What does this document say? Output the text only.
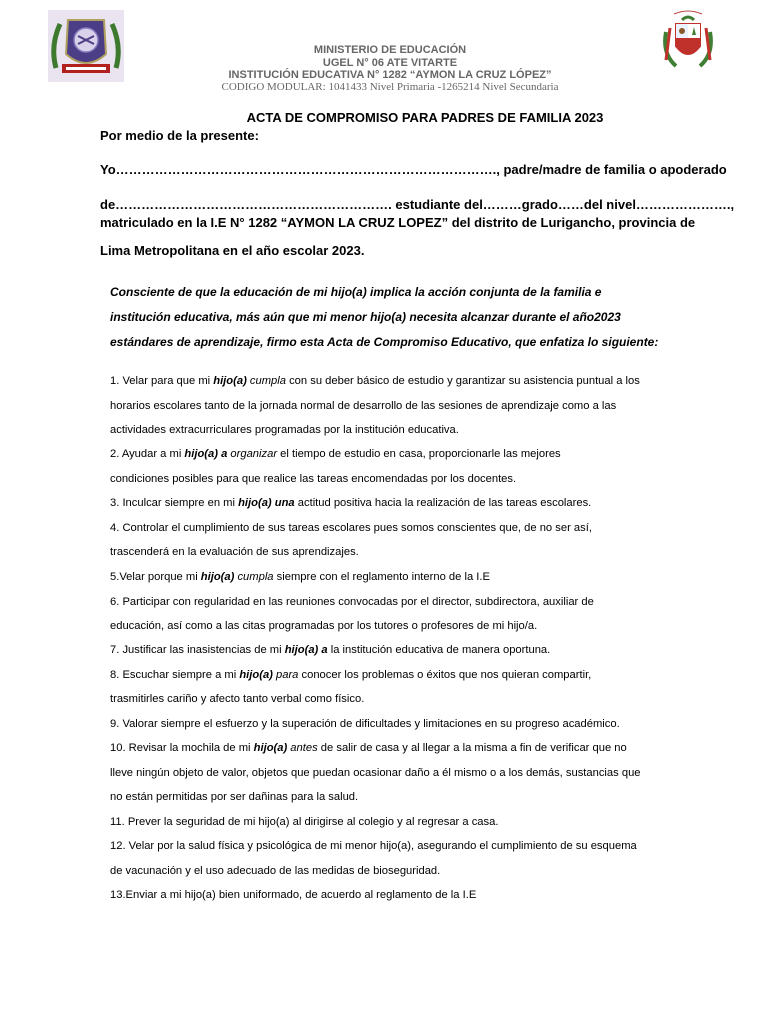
MINISTERIO DE EDUCACIÓN
UGEL N° 06 ATE VITARTE
INSTITUCIÓN EDUCATIVA N° 1282 “AYMON LA CRUZ LÓPEZ”
CODIGO MODULAR: 1041433 Nivel Primaria -1265214 Nivel Secundaria
ACTA DE COMPROMISO PARA PADRES DE FAMILIA 2023
Por medio de la presente:
Yo……………………………………………………………………………., padre/madre de familia o apoderado
de………………………………………………………. estudiante del………grado……del nivel………………….,
matriculado en la I.E N° 1282 “AYMON LA CRUZ LOPEZ” del distrito de Lurigancho, provincia de
Lima Metropolitana en el año escolar 2023.
Consciente de que la educación de mi hijo(a) implica la acción conjunta de la familia e
institución educativa, más aún que mi menor hijo(a) necesita alcanzar durante el año2023
estándares de aprendizaje, firmo esta Acta de Compromiso Educativo, que enfatiza lo siguiente:
1. Velar para que mi hijo(a) cumpla con su deber básico de estudio y garantizar su asistencia puntual a los
horarios escolares tanto de la jornada normal de desarrollo de las sesiones de aprendizaje como a las
actividades extracurriculares programadas por la institución educativa.
2. Ayudar a mi hijo(a) a organizar el tiempo de estudio en casa, proporcionarle las mejores
condiciones posibles para que realice las tareas encomendadas por los docentes.
3. Inculcar siempre en mi hijo(a) una actitud positiva hacia la realización de las tareas escolares.
4. Controlar el cumplimiento de sus tareas escolares pues somos conscientes que, de no ser así,
trascenderá en la evaluación de sus aprendizajes.
5.Velar porque mi hijo(a) cumpla siempre con el reglamento interno de la I.E
6. Participar con regularidad en las reuniones convocadas por el director, subdirectora, auxiliar de
educación, así como a las citas programadas por los tutores o profesores de mi hijo/a.
7. Justificar las inasistencias de mi hijo(a) a la institución educativa de manera oportuna.
8. Escuchar siempre a mi hijo(a) para conocer los problemas o éxitos que nos quieran compartir,
trasmitirles cariño y afecto tanto verbal como físico.
9. Valorar siempre el esfuerzo y la superación de dificultades y limitaciones en su progreso académico.
10. Revisar la mochila de mi hijo(a) antes de salir de casa y al llegar a la misma a fin de verificar que no
lleve ningún objeto de valor, objetos que puedan ocasionar daño a él mismo o a los demás, sustancias que
no están permitidas por ser dañinas para la salud.
11. Prever la seguridad de mi hijo(a) al dirigirse al colegio y al regresar a casa.
12. Velar por la salud física y psicológica de mi menor hijo(a), asegurando el cumplimiento de su esquema
de vacunación y el uso adecuado de las medidas de bioseguridad.
13.Enviar a mi hijo(a) bien uniformado, de acuerdo al reglamento de la I.E
